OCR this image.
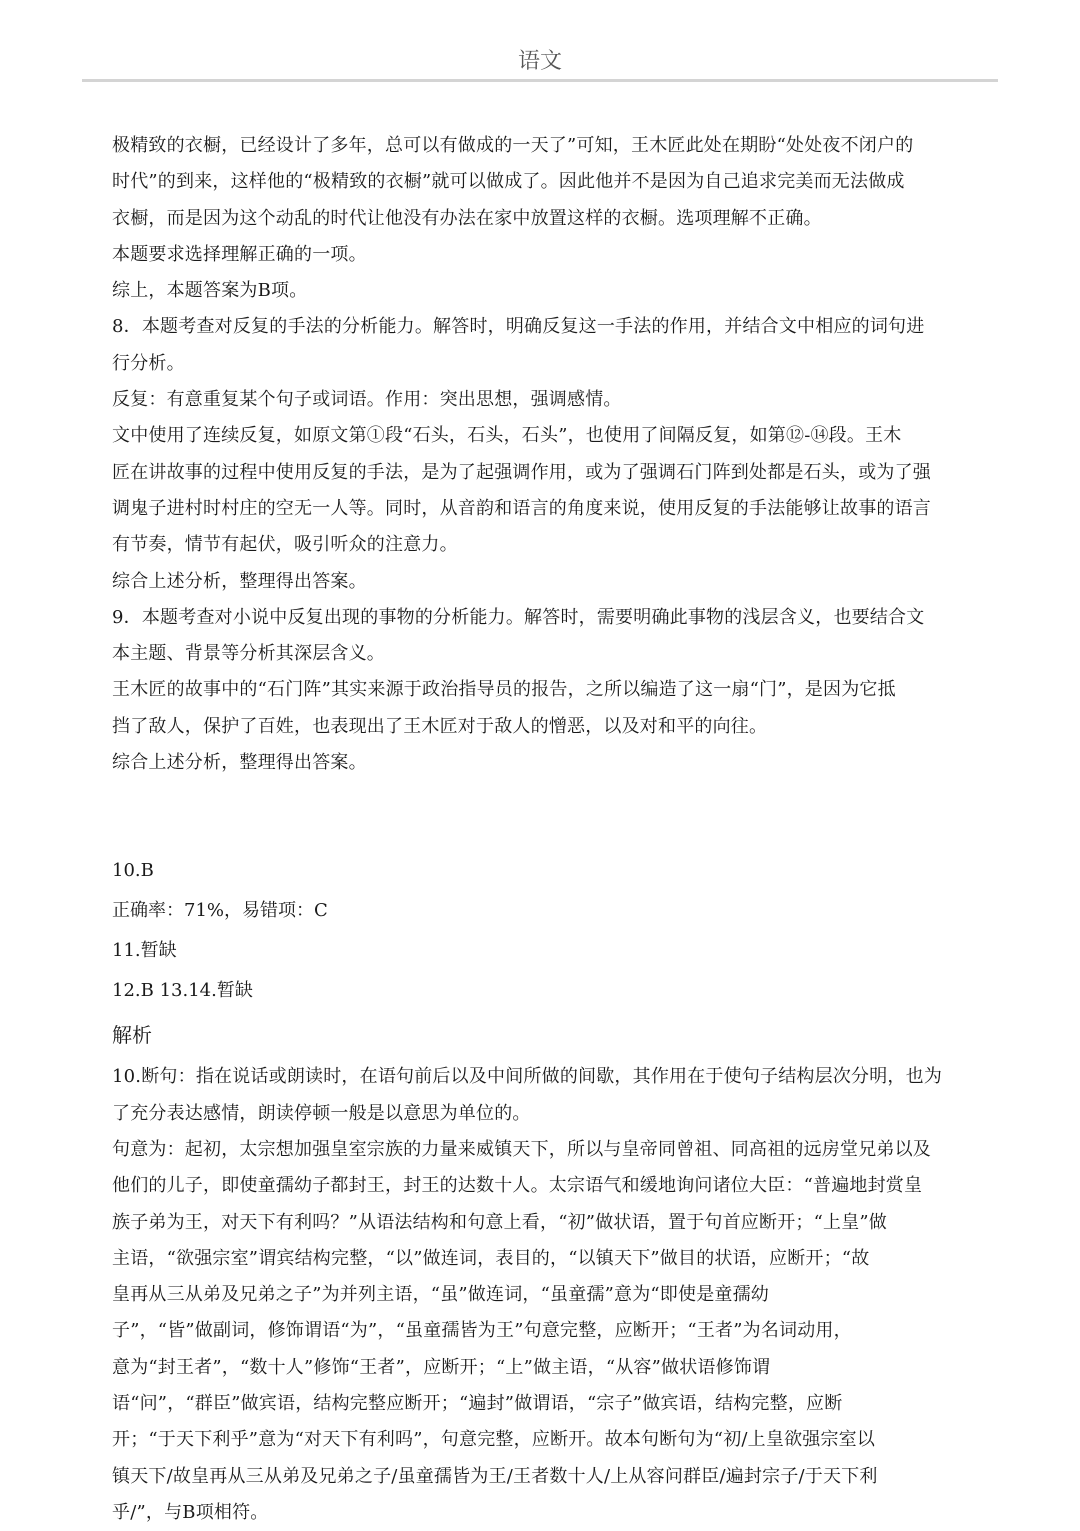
语文
极精致的衣橱，已经设计了多年，总可以有做成的一天了”可知，王木匠此处在期盼“处处夜不闭户的
时代”的到来，这样他的“极精致的衣橱”就可以做成了。因此他并不是因为自己追求完美而无法做成
衣橱，而是因为这个动乱的时代让他没有办法在家中放置这样的衣橱。选项理解不正确。
本题要求选择理解正确的一项。
综上，本题答案为B项。
8．本题考查对反复的手法的分析能力。解答时，明确反复这一手法的作用，并结合文中相应的词句进
行分析。
反复：有意重复某个句子或词语。作用：突出思想，强调感情。
文中使用了连续反复，如原文第①段“石头，石头，石头”，也使用了间隔反复，如第⑫-⑭段。王木
匠在讲故事的过程中使用反复的手法，是为了起强调作用，或为了强调石门阵到处都是石头，或为了强
调鬼子进村时村庄的空无一人等。同时，从音韵和语言的角度来说，使用反复的手法能够让故事的语言
有节奏，情节有起伏，吸引听众的注意力。
综合上述分析，整理得出答案。
9．本题考查对小说中反复出现的事物的分析能力。解答时，需要明确此事物的浅层含义，也要结合文
本主题、背景等分析其深层含义。
王木匠的故事中的“石门阵”其实来源于政治指导员的报告，之所以编造了这一扇“门”，是因为它抵
挡了敌人，保护了百姓，也表现出了王木匠对于敌人的憎恶，以及对和平的向往。
综合上述分析，整理得出答案。
10.B
正确率：71%，易错项：C
11.暂缺
12.B 13.14.暂缺
解析
10.断句：指在说话或朗读时，在语句前后以及中间所做的间歇，其作用在于使句子结构层次分明，也为
了充分表达感情，朗读停顿一般是以意思为单位的。
句意为：起初，太宗想加强皇室宗族的力量来威镇天下，所以与皇帝同曾祖、同高祖的远房堂兄弟以及
他们的儿子，即使童孺幼子都封王，封王的达数十人。太宗语气和缓地询问诸位大臣：“普遍地封赏皇
族子弟为王，对天下有利吗？”从语法结构和句意上看，“初”做状语，置于句首应断开；“上皇”做
主语，“欲强宗室”谓宾结构完整，“以”做连词，表目的，“以镇天下”做目的状语，应断开；“故
皇再从三从弟及兄弟之子”为并列主语，“虽”做连词，“虽童孺”意为“即使是童孺幼
子”，“皆”做副词，修饰谓语“为”，“虽童孺皆为王”句意完整，应断开；“王者”为名词动用，
意为“封王者”，“数十人”修饰“王者”，应断开；“上”做主语，“从容”做状语修饰谓
语“问”，“群臣”做宾语，结构完整应断开；“遍封”做谓语，“宗子”做宾语，结构完整，应断
开；“于天下利乎”意为“对天下有利吗”，句意完整，应断开。故本句断句为“初/上皇欲强宗室以
镇天下/故皇再从三从弟及兄弟之子/虽童孺皆为王/王者数十人/上从容问群臣/遍封宗子/于天下利
乎/”，与B项相符。
